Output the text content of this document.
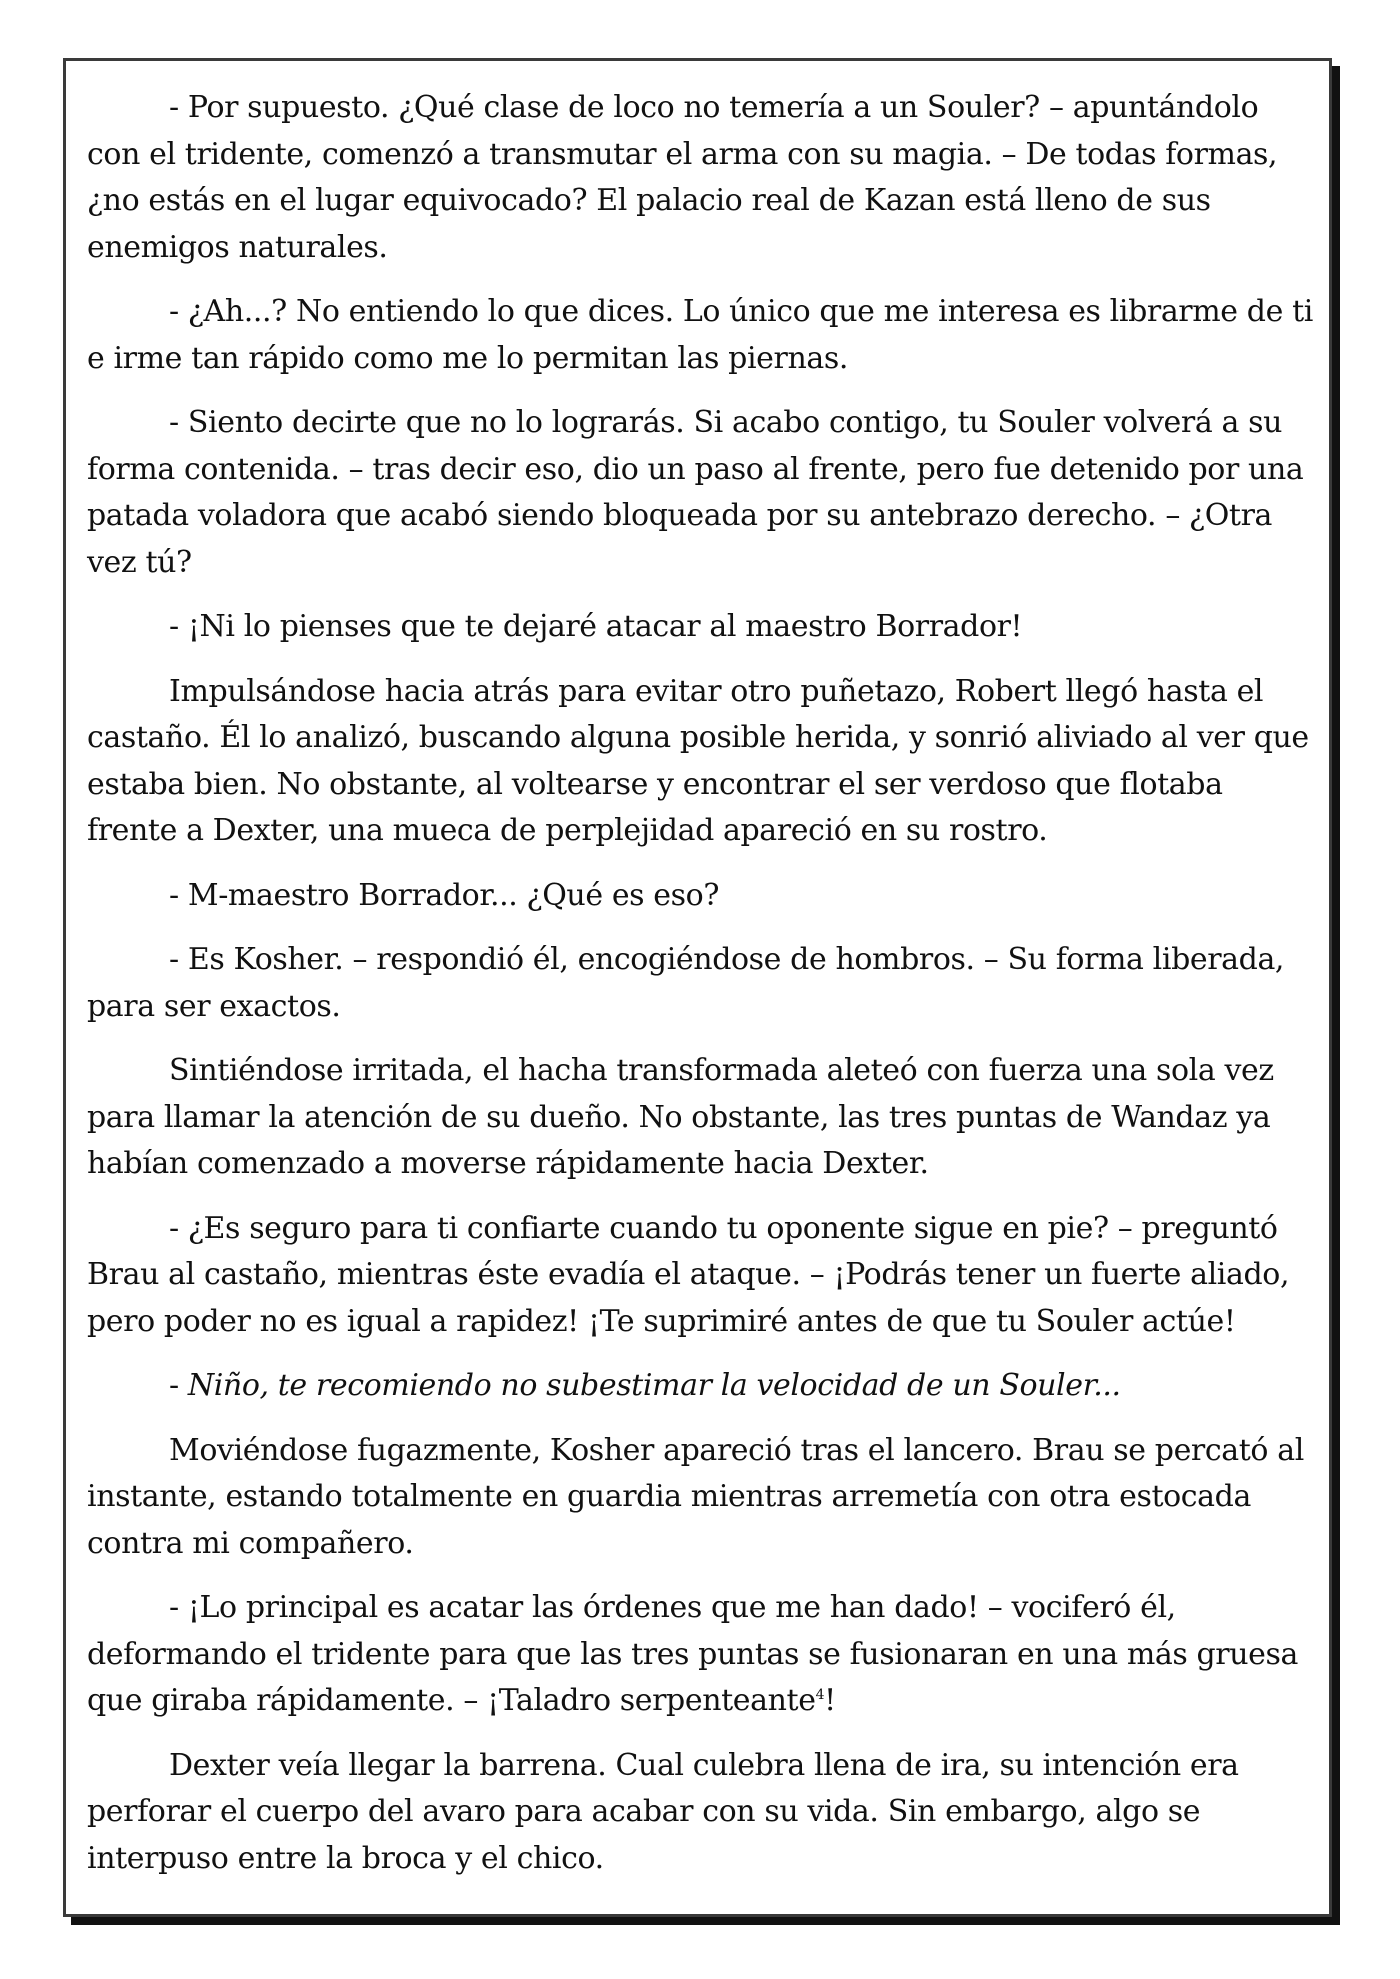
- Por supuesto. ¿Qué clase de loco no temería a un Souler? – apuntándolo con el tridente, comenzó a transmutar el arma con su magia. – De todas formas, ¿no estás en el lugar equivocado? El palacio real de Kazan está lleno de sus enemigos naturales.

- ¿Ah...? No entiendo lo que dices. Lo único que me interesa es librarme de ti e irme tan rápido como me lo permitan las piernas.

- Siento decirte que no lo lograrás. Si acabo contigo, tu Souler volverá a su forma contenida. – tras decir eso, dio un paso al frente, pero fue detenido por una patada voladora que acabó siendo bloqueada por su antebrazo derecho. – ¿Otra vez tú?

- ¡Ni lo pienses que te dejaré atacar al maestro Borrador!

Impulsándose hacia atrás para evitar otro puñetazo, Robert llegó hasta el castaño. Él lo analizó, buscando alguna posible herida, y sonrió aliviado al ver que estaba bien. No obstante, al voltearse y encontrar el ser verdoso que flotaba frente a Dexter, una mueca de perplejidad apareció en su rostro.

- M-maestro Borrador... ¿Qué es eso?

- Es Kosher. – respondió él, encogiéndose de hombros. – Su forma liberada, para ser exactos.

Sintiéndose irritada, el hacha transformada aleteó con fuerza una sola vez para llamar la atención de su dueño. No obstante, las tres puntas de Wandaz ya habían comenzado a moverse rápidamente hacia Dexter.

- ¿Es seguro para ti confiarte cuando tu oponente sigue en pie? – preguntó Brau al castaño, mientras éste evadía el ataque. – ¡Podrás tener un fuerte aliado, pero poder no es igual a rapidez! ¡Te suprimiré antes de que tu Souler actúe!

- Niño, te recomiendo no subestimar la velocidad de un Souler...

Moviéndose fugazmente, Kosher apareció tras el lancero. Brau se percató al instante, estando totalmente en guardia mientras arremetía con otra estocada contra mi compañero.

- ¡Lo principal es acatar las órdenes que me han dado! – vociferó él, deformando el tridente para que las tres puntas se fusionaran en una más gruesa que giraba rápidamente. – ¡Taladro serpenteante$^4$!

Dexter veía llegar la barrena. Cual culebra llena de ira, su intención era perforar el cuerpo del avaro para acabar con su vida. Sin embargo, algo se interpuso entre la broca y el chico.
